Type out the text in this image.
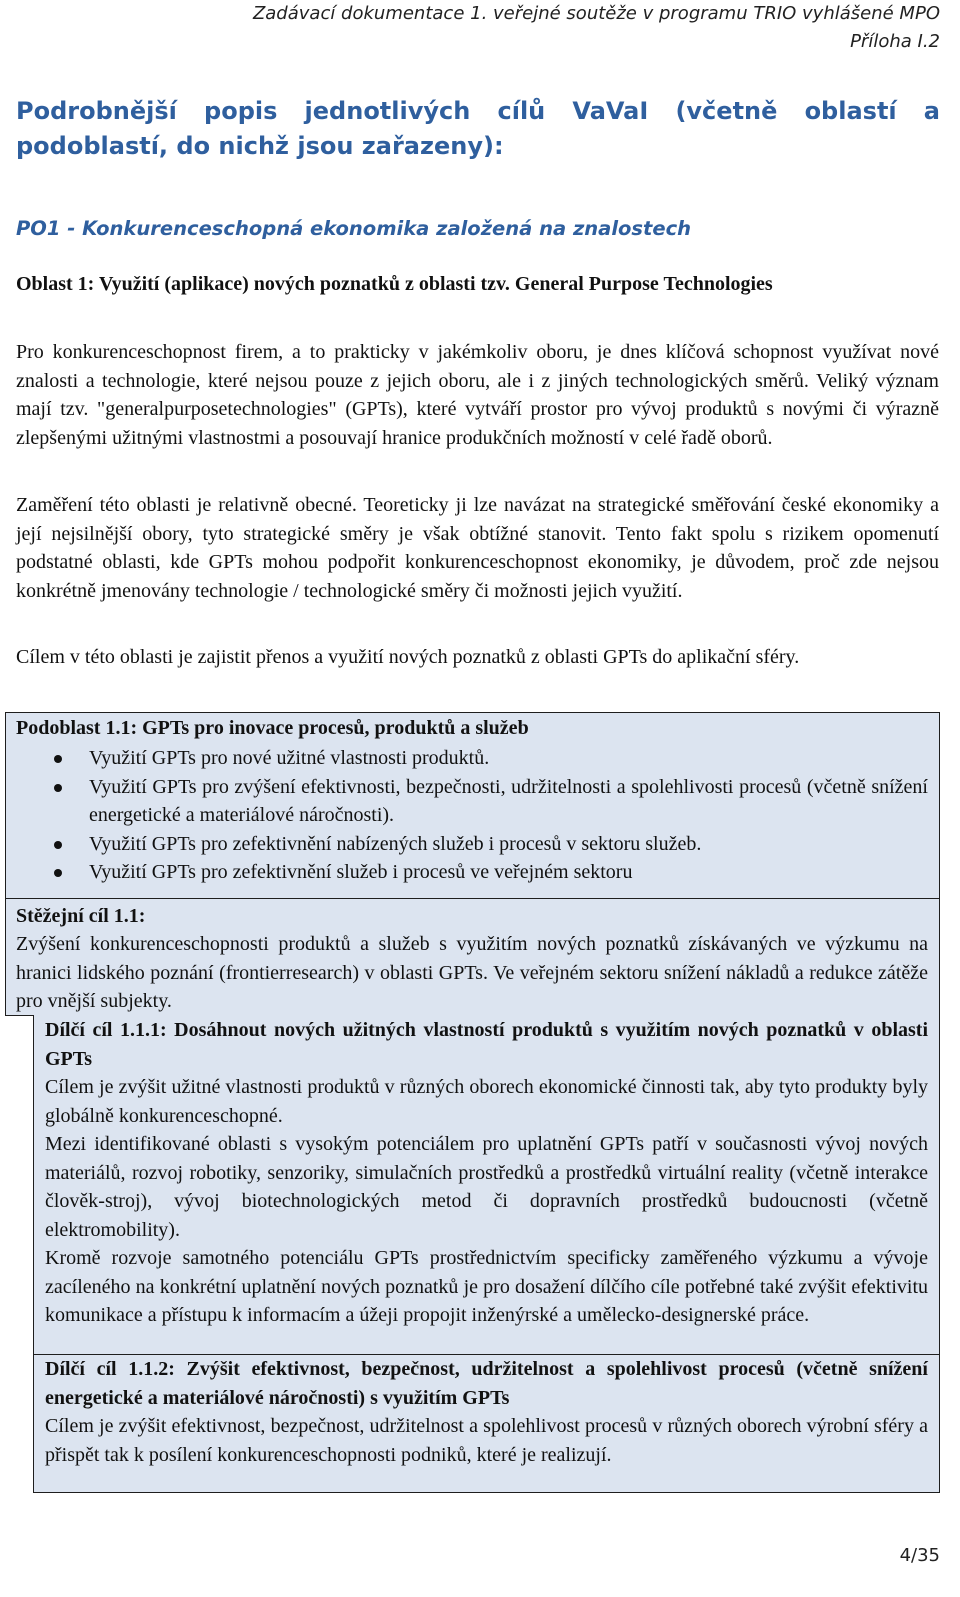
Zadávací dokumentace 1. veřejné soutěže v programu TRIO vyhlášené MPO
Příloha I.2
Podrobnější popis jednotlivých cílů VaVaI (včetně oblastí a podoblastí, do nichž jsou zařazeny):
PO1 - Konkurenceschopná ekonomika založená na znalostech
Oblast 1: Využití (aplikace) nových poznatků z oblasti tzv. General Purpose Technologies
Pro konkurenceschopnost firem, a to prakticky v jakémkoliv oboru, je dnes klíčová schopnost využívat nové znalosti a technologie, které nejsou pouze z jejich oboru, ale i z jiných technologických směrů. Veliký význam mají tzv. "generalpurposetechnologies" (GPTs), které vytváří prostor pro vývoj produktů s novými či výrazně zlepšenými užitnými vlastnostmi a posouvají hranice produkčních možností v celé řadě oborů.
Zaměření této oblasti je relativně obecné. Teoreticky ji lze navázat na strategické směřování české ekonomiky a její nejsilnější obory, tyto strategické směry je však obtížné stanovit. Tento fakt spolu s rizikem opomenutí podstatné oblasti, kde GPTs mohou podpořit konkurenceschopnost ekonomiky, je důvodem, proč zde nejsou konkrétně jmenovány technologie / technologické směry či možnosti jejich využití.
Cílem v této oblasti je zajistit přenos a využití nových poznatků z oblasti GPTs do aplikační sféry.
Podoblast 1.1: GPTs pro inovace procesů, produktů a služeb
Využití GPTs pro nové užitné vlastnosti produktů.
Využití GPTs pro zvýšení efektivnosti, bezpečnosti, udržitelnosti a spolehlivosti procesů (včetně snížení energetické a materiálové náročnosti).
Využití GPTs pro zefektivnění nabízených služeb i procesů v sektoru služeb.
Využití GPTs pro zefektivnění služeb i procesů ve veřejném sektoru
Stěžejní cíl 1.1:
Zvýšení konkurenceschopnosti produktů a služeb s využitím nových poznatků získávaných ve výzkumu na hranici lidského poznání (frontierresearch) v oblasti GPTs. Ve veřejném sektoru snížení nákladů a redukce zátěže pro vnější subjekty.

Dílčí cíl 1.1.1: Dosáhnout nových užitných vlastností produktů s využitím nových poznatků v oblasti GPTs

Cílem je zvýšit užitné vlastnosti produktů v různých oborech ekonomické činnosti tak, aby tyto produkty byly globálně konkurenceschopné.

Mezi identifikované oblasti s vysokým potenciálem pro uplatnění GPTs patří v současnosti vývoj nových materiálů, rozvoj robotiky, senzoriky, simulačních prostředků a prostředků virtuální reality (včetně interakce člověk-stroj), vývoj biotechnologických metod či dopravních prostředků budoucnosti (včetně elektromobility).

Kromě rozvoje samotného potenciálu GPTs prostřednictvím specificky zaměřeného výzkumu a vývoje zacíleného na konkrétní uplatnění nových poznatků je pro dosažení dílčího cíle potřebné také zvýšit efektivitu komunikace a přístupu k informacím a úžeji propojit inženýrské a umělecko-designerské práce.

Dílčí cíl 1.1.2: Zvýšit efektivnost, bezpečnost, udržitelnost a spolehlivost procesů (včetně snížení energetické a materiálové náročnosti) s využitím GPTs

Cílem je zvýšit efektivnost, bezpečnost, udržitelnost a spolehlivost procesů v různých oborech výrobní sféry a přispět tak k posílení konkurenceschopnosti podniků, které je realizují.

4/35
